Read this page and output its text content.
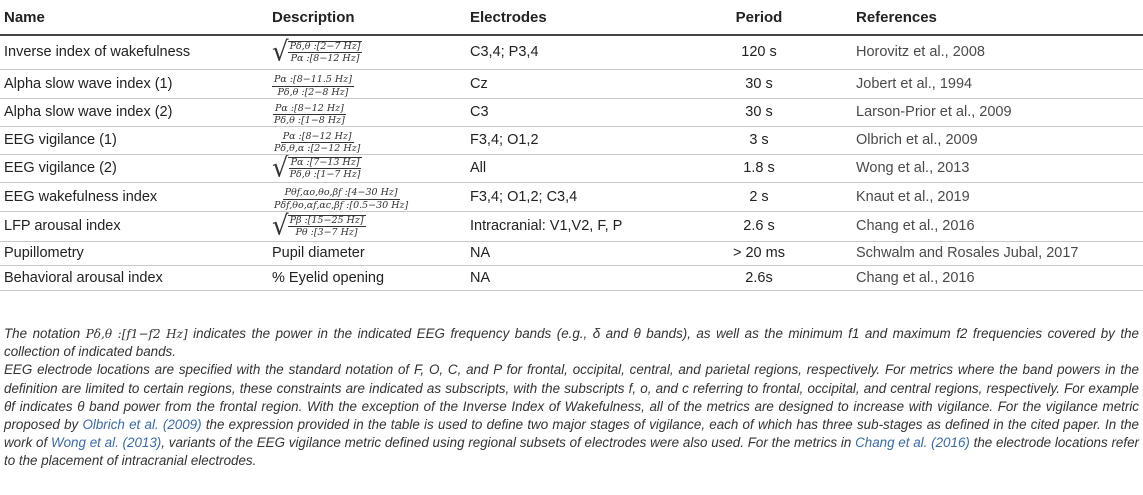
Name	Description	Electrodes	Period	References
Inverse index of wakefulness	√ $\frac{P\delta,\theta :[2-7 Hz]}{P\alpha :[8-12 Hz]}$	C3,4; P3,4	120 s	Horovitz et al., 2008
Alpha slow wave index (1)	$\frac{P\alpha :[8-11.5 Hz]}{P\delta,\theta :[2-8 Hz]}$	Cz	30 s	Jobert et al., 1994
Alpha slow wave index (2)	$\frac{P\alpha :[8-12 Hz]}{P\delta,\theta :[1-8 Hz]}$	C3	30 s	Larson-Prior et al., 2009
EEG vigilance (1)	$\frac{P\alpha :[8-12 Hz]}{P\delta,\theta,\alpha :[2-12 Hz]}$	F3,4; O1,2	3 s	Olbrich et al., 2009
EEG vigilance (2)	√ $\frac{P\alpha :[7-13 Hz]}{P\delta,\theta :[1-7 Hz]}$	All	1.8 s	Wong et al., 2013
EEG wakefulness index	$\frac{\text{Pθf,αo,θo,βf :[4−30 Hz]}}{\text{Pδf,θo,αf,αc,βf :[0.5−30 Hz]}}$	F3,4; O1,2; C3,4	2 s	Knaut et al., 2019
LFP arousal index	√ $\frac{P\beta :[15-25 Hz]}{P\theta :[3-7 Hz]}$	Intracranial: V1,V2, F, P	2.6 s	Chang et al., 2016
Pupillometry	Pupil diameter	NA	> 20 ms	Schwalm and Rosales Jubal, 2017
Behavioral arousal index	% Eyelid opening	NA	2.6s	Chang et al., 2016

The notation Pδ,θ :[f1−f2 Hz] indicates the power in the indicated EEG frequency bands (e.g., δ and θ bands), as well as the minimum f1 and maximum f2 frequencies covered by the collection of indicated bands.

EEG electrode locations are specified with the standard notation of F, O, C, and P for frontal, occipital, central, and parietal regions, respectively. For metrics where the band powers in the definition are limited to certain regions, these constraints are indicated as subscripts, with the subscripts f, o, and c referring to frontal, occipital, and central regions, respectively. For example θf indicates θ band power from the frontal region. With the exception of the Inverse Index of Wakefulness, all of the metrics are designed to increase with vigilance. For the vigilance metric proposed by Olbrich et al. (2009) the expression provided in the table is used to define two major stages of vigilance, each of which has three sub-stages as defined in the cited paper. In the work of Wong et al. (2013), variants of the EEG vigilance metric defined using regional subsets of electrodes were also used. For the metrics in Chang et al. (2016) the electrode locations refer to the placement of intracranial electrodes.
